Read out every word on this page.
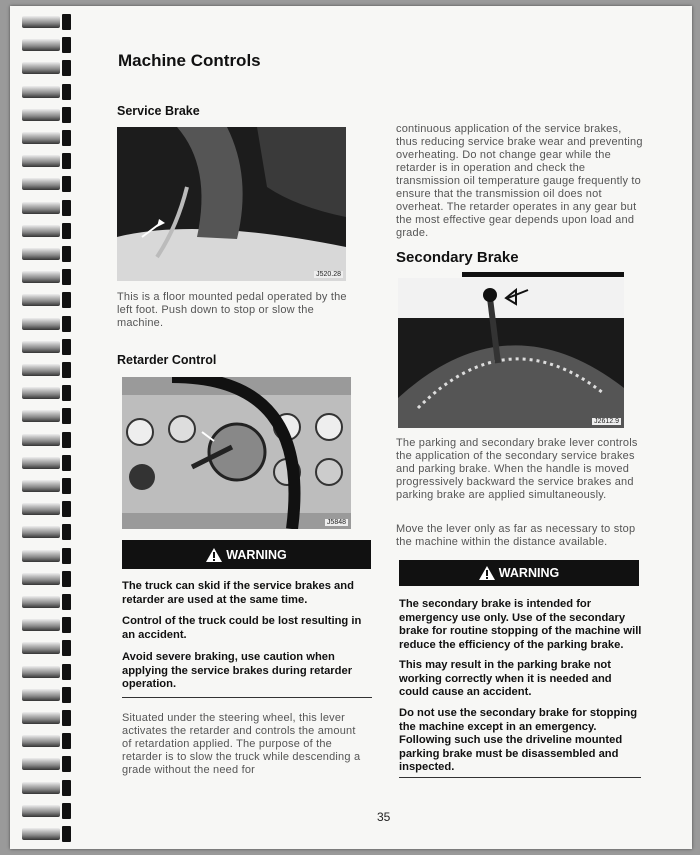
Machine Controls
Service Brake
J520.28

This is a floor mounted pedal operated by the left foot. Push down to stop or slow the machine.

Retarder Control
J5848
WARNING

The truck can skid if the service brakes and retarder are used at the same time.

Control of the truck could be lost resulting in an accident.

Avoid severe braking, use caution when applying the service brakes during retarder operation.

Situated under the steering wheel, this lever activates the retarder and controls the amount of retardation applied. The purpose of the retarder is to slow the truck while descending a grade without the need for

continuous application of the service brakes, thus reducing service brake wear and preventing overheating. Do not change gear while the retarder is in operation and check the transmission oil temperature gauge frequently to ensure that the transmission oil does not overheat. The retarder operates in any gear but the most effective gear depends upon load and grade.

Secondary Brake
J2612.9

The parking and secondary brake lever controls the application of the secondary service brakes and parking brake. When the handle is moved progressively backward the service brakes and parking brake are applied simultaneously.

Move the lever only as far as necessary to stop the machine within the distance available.

WARNING

The secondary brake is intended for emergency use only. Use of the secondary brake for routine stopping of the machine will reduce the efficiency of the parking brake.

This may result in the parking brake not working correctly when it is needed and could cause an accident.

Do not use the secondary brake for stopping the machine except in an emergency. Following such use the driveline mounted parking brake must be disassembled and inspected.

35
